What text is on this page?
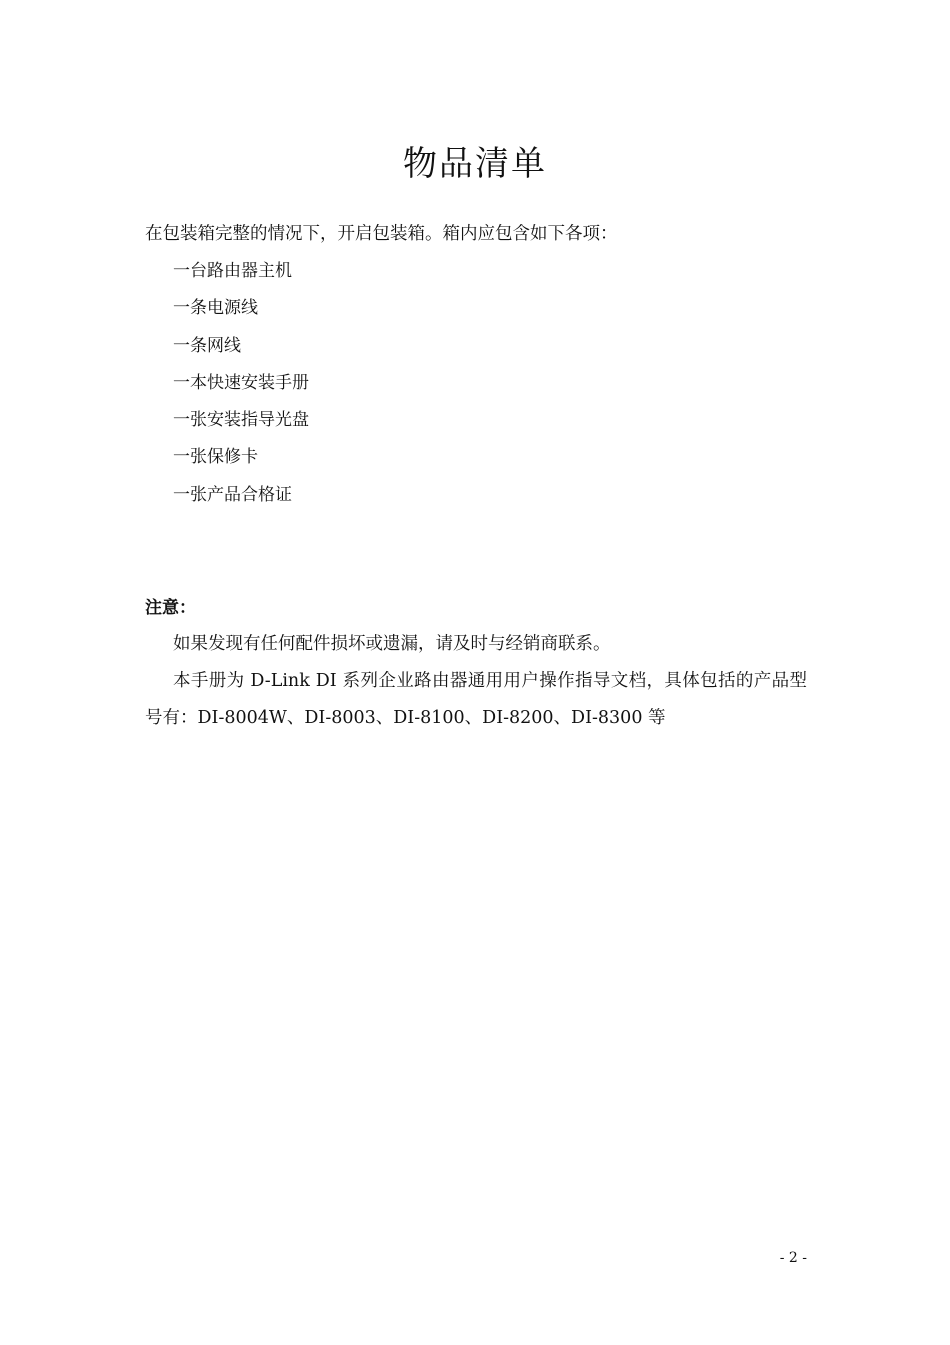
物品清单
在包装箱完整的情况下，开启包装箱。箱内应包含如下各项：
一台路由器主机
一条电源线
一条网线
一本快速安装手册
一张安装指导光盘
一张保修卡
一张产品合格证
注意：
如果发现有任何配件损坏或遗漏，请及时与经销商联系。
本手册为 D-Link DI 系列企业路由器通用用户操作指导文档，具体包括的产品型号有：DI-8004W、DI-8003、DI-8100、DI-8200、DI-8300 等
- 2 -
